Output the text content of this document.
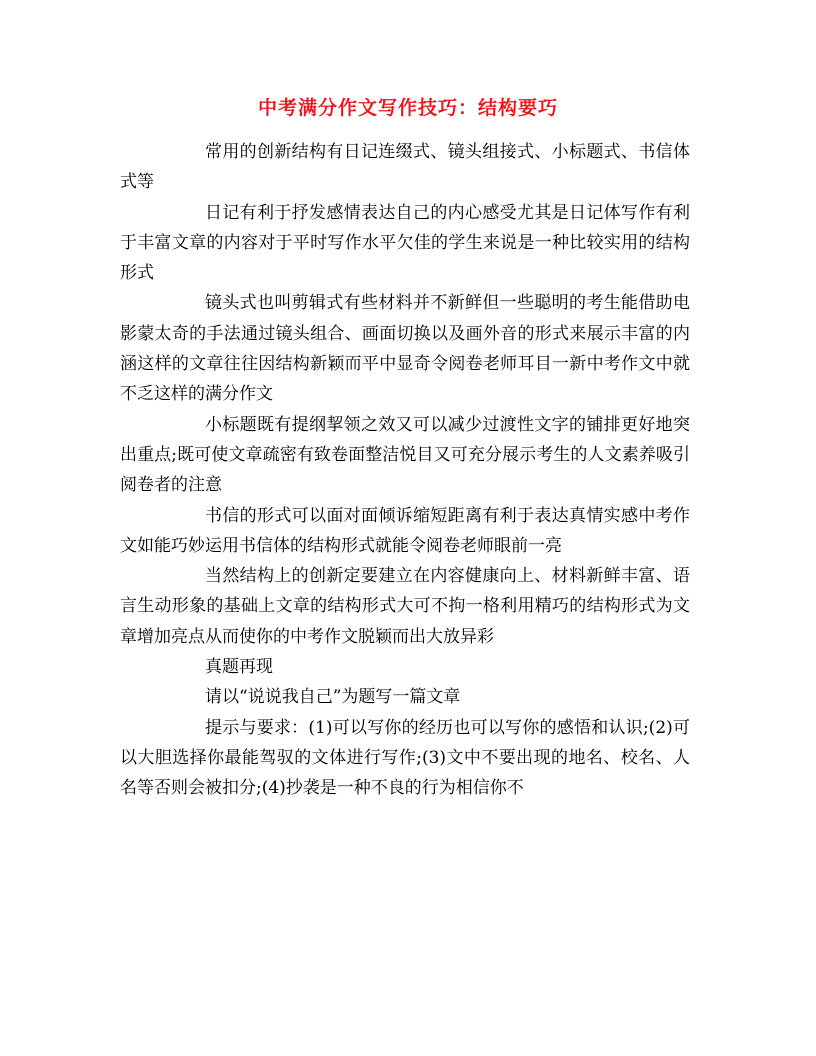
中考满分作文写作技巧：结构要巧

常用的创新结构有日记连缀式、镜头组接式、小标题式、书信体式等

日记有利于抒发感情表达自己的内心感受尤其是日记体写作有利于丰富文章的内容对于平时写作水平欠佳的学生来说是一种比较实用的结构形式

镜头式也叫剪辑式有些材料并不新鲜但一些聪明的考生能借助电影蒙太奇的手法通过镜头组合、画面切换以及画外音的形式来展示丰富的内涵这样的文章往往因结构新颖而平中显奇令阅卷老师耳目一新中考作文中就不乏这样的满分作文

小标题既有提纲挈领之效又可以减少过渡性文字的铺排更好地突出重点;既可使文章疏密有致卷面整洁悦目又可充分展示考生的人文素养吸引阅卷者的注意

书信的形式可以面对面倾诉缩短距离有利于表达真情实感中考作文如能巧妙运用书信体的结构形式就能令阅卷老师眼前一亮

当然结构上的创新定要建立在内容健康向上、材料新鲜丰富、语言生动形象的基础上文章的结构形式大可不拘一格利用精巧的结构形式为文章增加亮点从而使你的中考作文脱颖而出大放异彩

真题再现

请以“说说我自己”为题写一篇文章

提示与要求：(1)可以写你的经历也可以写你的感悟和认识;(2)可以大胆选择你最能驾驭的文体进行写作;(3)文中不要出现的地名、校名、人名等否则会被扣分;(4)抄袭是一种不良的行为相信你不
